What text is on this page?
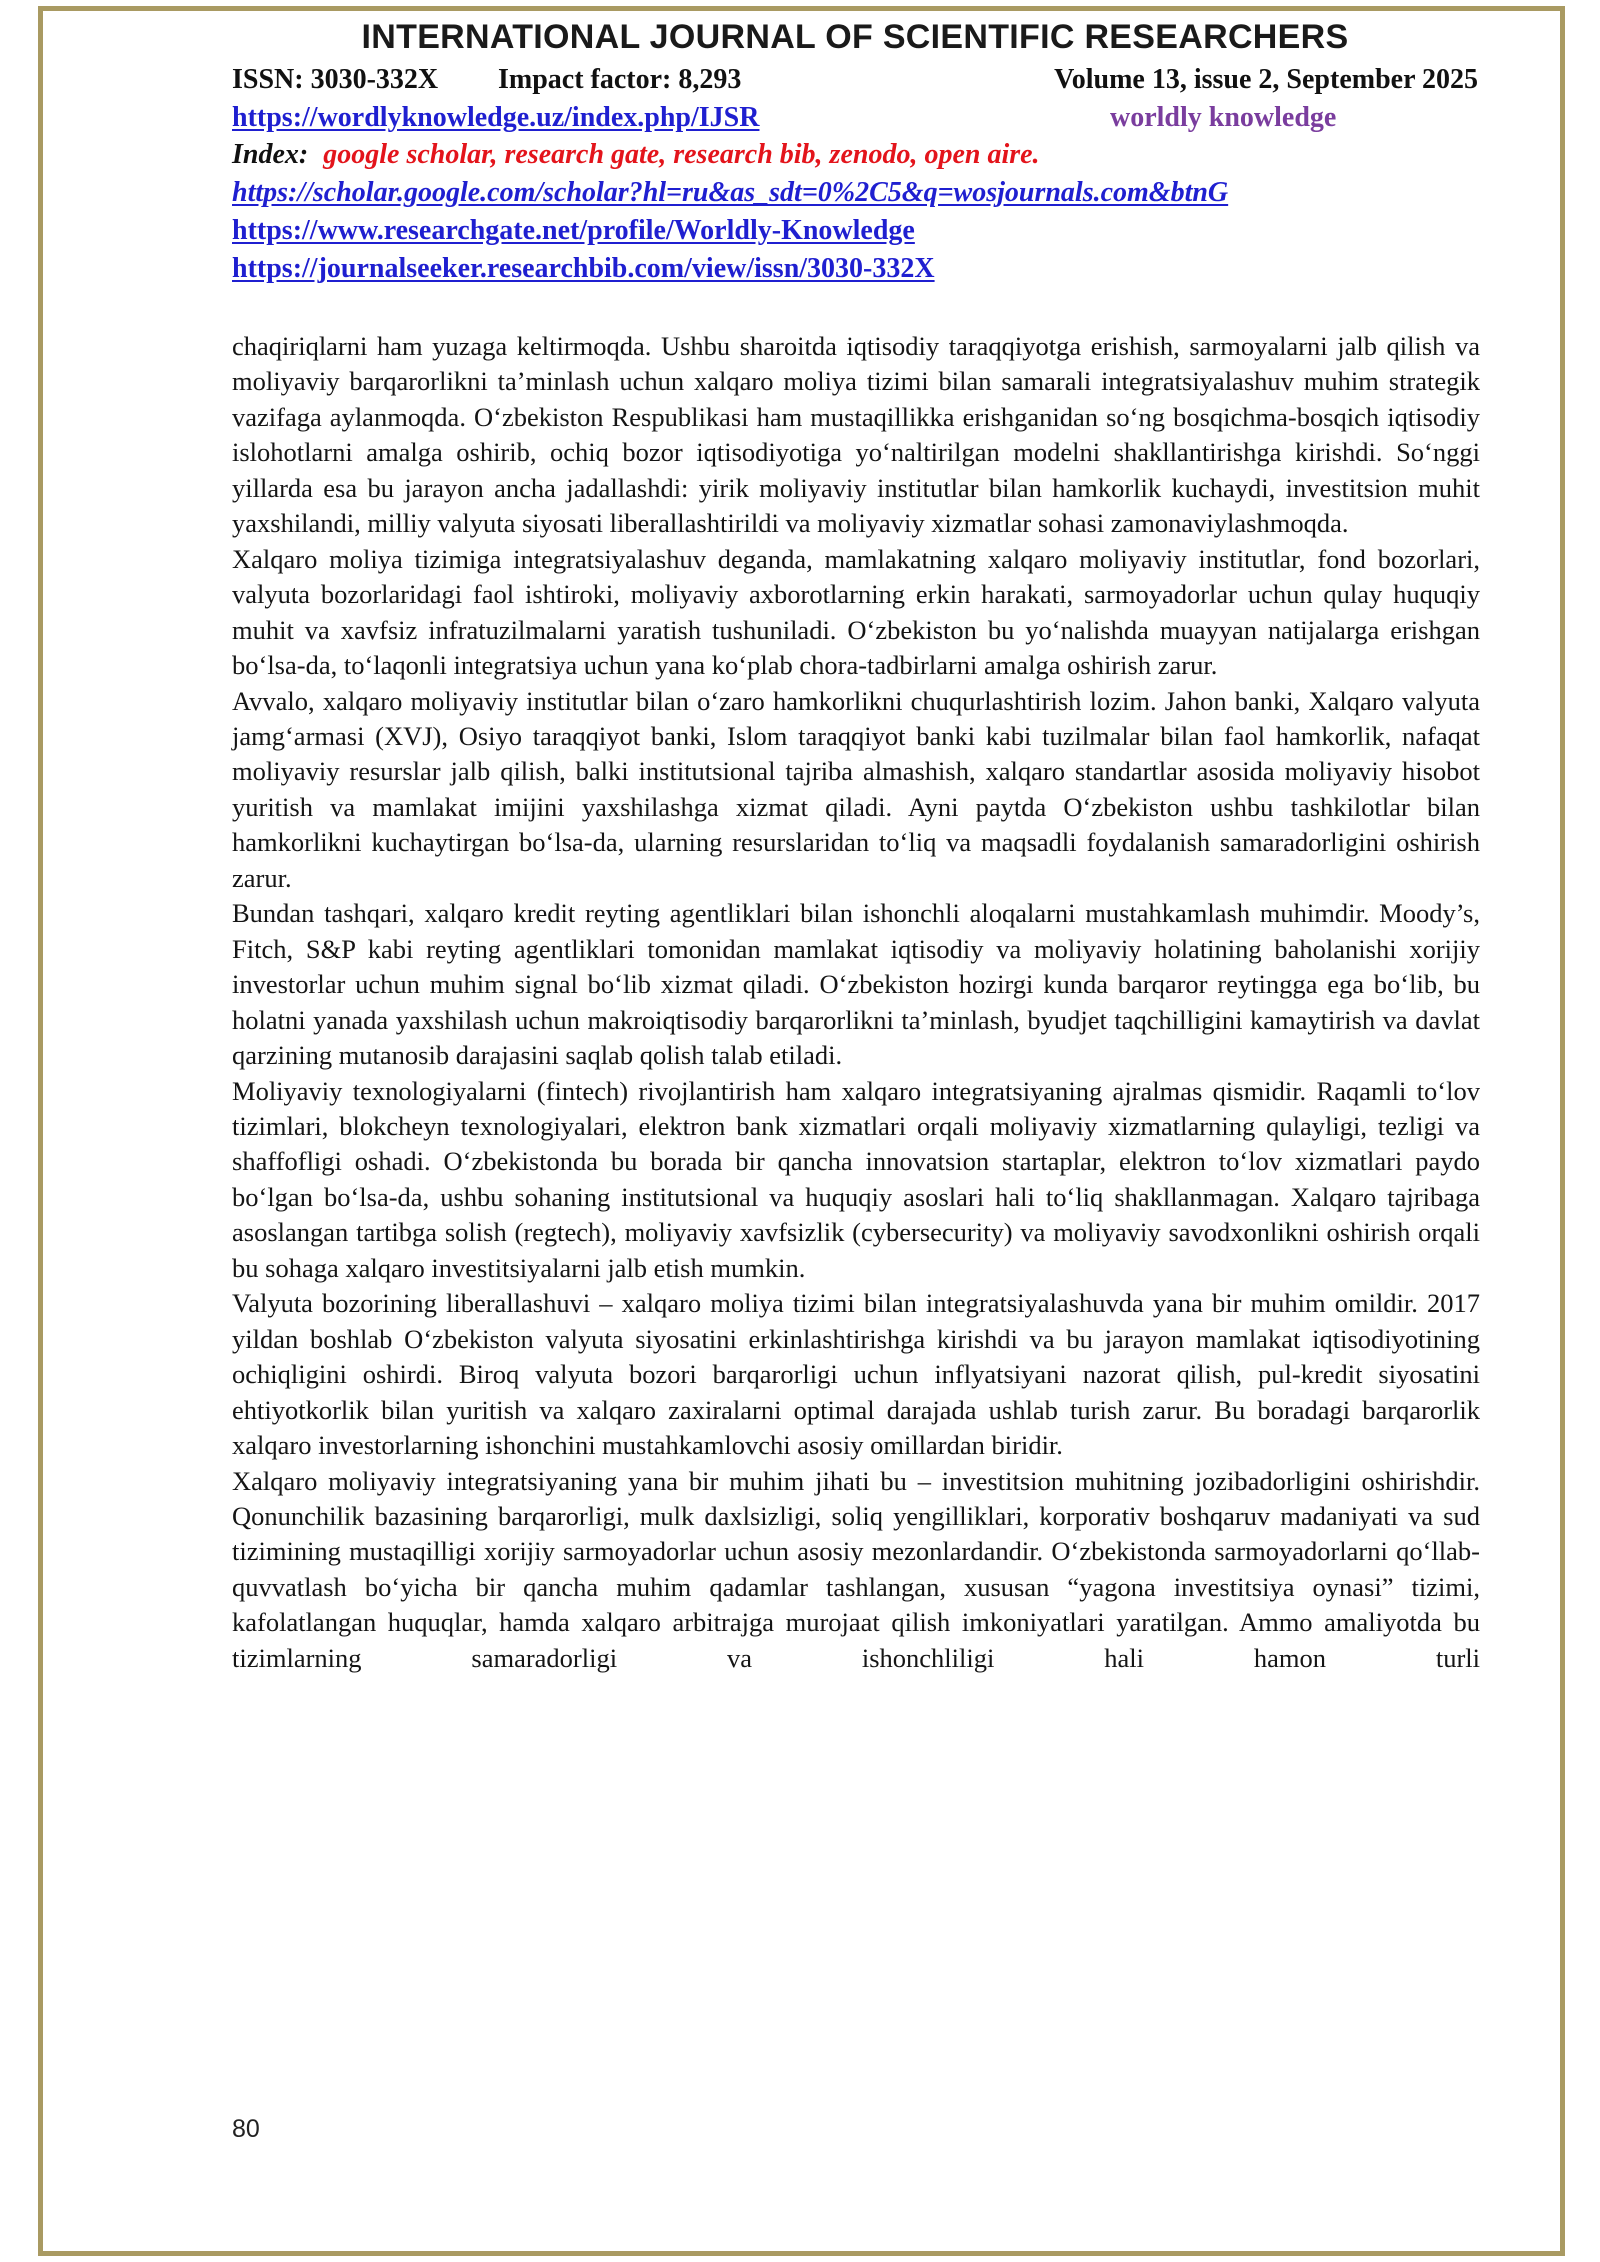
INTERNATIONAL JOURNAL OF SCIENTIFIC RESEARCHERS
ISSN: 3030-332X Impact factor: 8,293	Volume 13, issue 2, September 2025
https://wordlyknowledge.uz/index.php/IJSR	worldly knowledge
Index: google scholar, research gate, research bib, zenodo, open aire.
https://scholar.google.com/scholar?hl=ru&as_sdt=0%2C5&q=wosjournals.com&btnG
https://www.researchgate.net/profile/Worldly-Knowledge
https://journalseeker.researchbib.com/view/issn/3030-332X

chaqiriqlarni ham yuzaga keltirmoqda. Ushbu sharoitda iqtisodiy taraqqiyotga erishish, sarmoyalarni jalb qilish va moliyaviy barqarorlikni ta’minlash uchun xalqaro moliya tizimi bilan samarali integratsiyalashuv muhim strategik vazifaga aylanmoqda. O‘zbekiston Respublikasi ham mustaqillikka erishganidan so‘ng bosqichma-bosqich iqtisodiy islohotlarni amalga oshirib, ochiq bozor iqtisodiyotiga yo‘naltirilgan modelni shakllantirishga kirishdi. So‘nggi yillarda esa bu jarayon ancha jadallashdi: yirik moliyaviy institutlar bilan hamkorlik kuchaydi, investitsion muhit yaxshilandi, milliy valyuta siyosati liberallashtirildi va moliyaviy xizmatlar sohasi zamonaviylashmoqda.

Xalqaro moliya tizimiga integratsiyalashuv deganda, mamlakatning xalqaro moliyaviy institutlar, fond bozorlari, valyuta bozorlaridagi faol ishtiroki, moliyaviy axborotlarning erkin harakati, sarmoyadorlar uchun qulay huquqiy muhit va xavfsiz infratuzilmalarni yaratish tushuniladi. O‘zbekiston bu yo‘nalishda muayyan natijalarga erishgan bo‘lsa-da, to‘laqonli integratsiya uchun yana ko‘plab chora-tadbirlarni amalga oshirish zarur.

Avvalo, xalqaro moliyaviy institutlar bilan o‘zaro hamkorlikni chuqurlashtirish lozim. Jahon banki, Xalqaro valyuta jamg‘armasi (XVJ), Osiyo taraqqiyot banki, Islom taraqqiyot banki kabi tuzilmalar bilan faol hamkorlik, nafaqat moliyaviy resurslar jalb qilish, balki institutsional tajriba almashish, xalqaro standartlar asosida moliyaviy hisobot yuritish va mamlakat imijini yaxshilashga xizmat qiladi. Ayni paytda O‘zbekiston ushbu tashkilotlar bilan hamkorlikni kuchaytirgan bo‘lsa-da, ularning resurslaridan to‘liq va maqsadli foydalanish samaradorligini oshirish zarur.

Bundan tashqari, xalqaro kredit reyting agentliklari bilan ishonchli aloqalarni mustahkamlash muhimdir. Moody’s, Fitch, S&P kabi reyting agentliklari tomonidan mamlakat iqtisodiy va moliyaviy holatining baholanishi xorijiy investorlar uchun muhim signal bo‘lib xizmat qiladi. O‘zbekiston hozirgi kunda barqaror reytingga ega bo‘lib, bu holatni yanada yaxshilash uchun makroiqtisodiy barqarorlikni ta’minlash, byudjet taqchilligini kamaytirish va davlat qarzining mutanosib darajasini saqlab qolish talab etiladi.

Moliyaviy texnologiyalarni (fintech) rivojlantirish ham xalqaro integratsiyaning ajralmas qismidir. Raqamli to‘lov tizimlari, blokcheyn texnologiyalari, elektron bank xizmatlari orqali moliyaviy xizmatlarning qulayligi, tezligi va shaffofligi oshadi. O‘zbekistonda bu borada bir qancha innovatsion startaplar, elektron to‘lov xizmatlari paydo bo‘lgan bo‘lsa-da, ushbu sohaning institutsional va huquqiy asoslari hali to‘liq shakllanmagan. Xalqaro tajribaga asoslangan tartibga solish (regtech), moliyaviy xavfsizlik (cybersecurity) va moliyaviy savodxonlikni oshirish orqali bu sohaga xalqaro investitsiyalarni jalb etish mumkin.

Valyuta bozorining liberallashuvi – xalqaro moliya tizimi bilan integratsiyalashuvda yana bir muhim omildir. 2017 yildan boshlab O‘zbekiston valyuta siyosatini erkinlashtirishga kirishdi va bu jarayon mamlakat iqtisodiyotining ochiqligini oshirdi. Biroq valyuta bozori barqarorligi uchun inflyatsiyani nazorat qilish, pul-kredit siyosatini ehtiyotkorlik bilan yuritish va xalqaro zaxiralarni optimal darajada ushlab turish zarur. Bu boradagi barqarorlik xalqaro investorlarning ishonchini mustahkamlovchi asosiy omillardan biridir.

Xalqaro moliyaviy integratsiyaning yana bir muhim jihati bu – investitsion muhitning jozibadorligini oshirishdir. Qonunchilik bazasining barqarorligi, mulk daxlsizligi, soliq yengilliklari, korporativ boshqaruv madaniyati va sud tizimining mustaqilligi xorijiy sarmoyadorlar uchun asosiy mezonlardandir. O‘zbekistonda sarmoyadorlarni qo‘llab-quvvatlash bo‘yicha bir qancha muhim qadamlar tashlangan, xususan “yagona investitsiya oynasi” tizimi, kafolatlangan huquqlar, hamda xalqaro arbitrajga murojaat qilish imkoniyatlari yaratilgan. Ammo amaliyotda bu tizimlarning samaradorligi va ishonchliligi hali hamon turli

80
